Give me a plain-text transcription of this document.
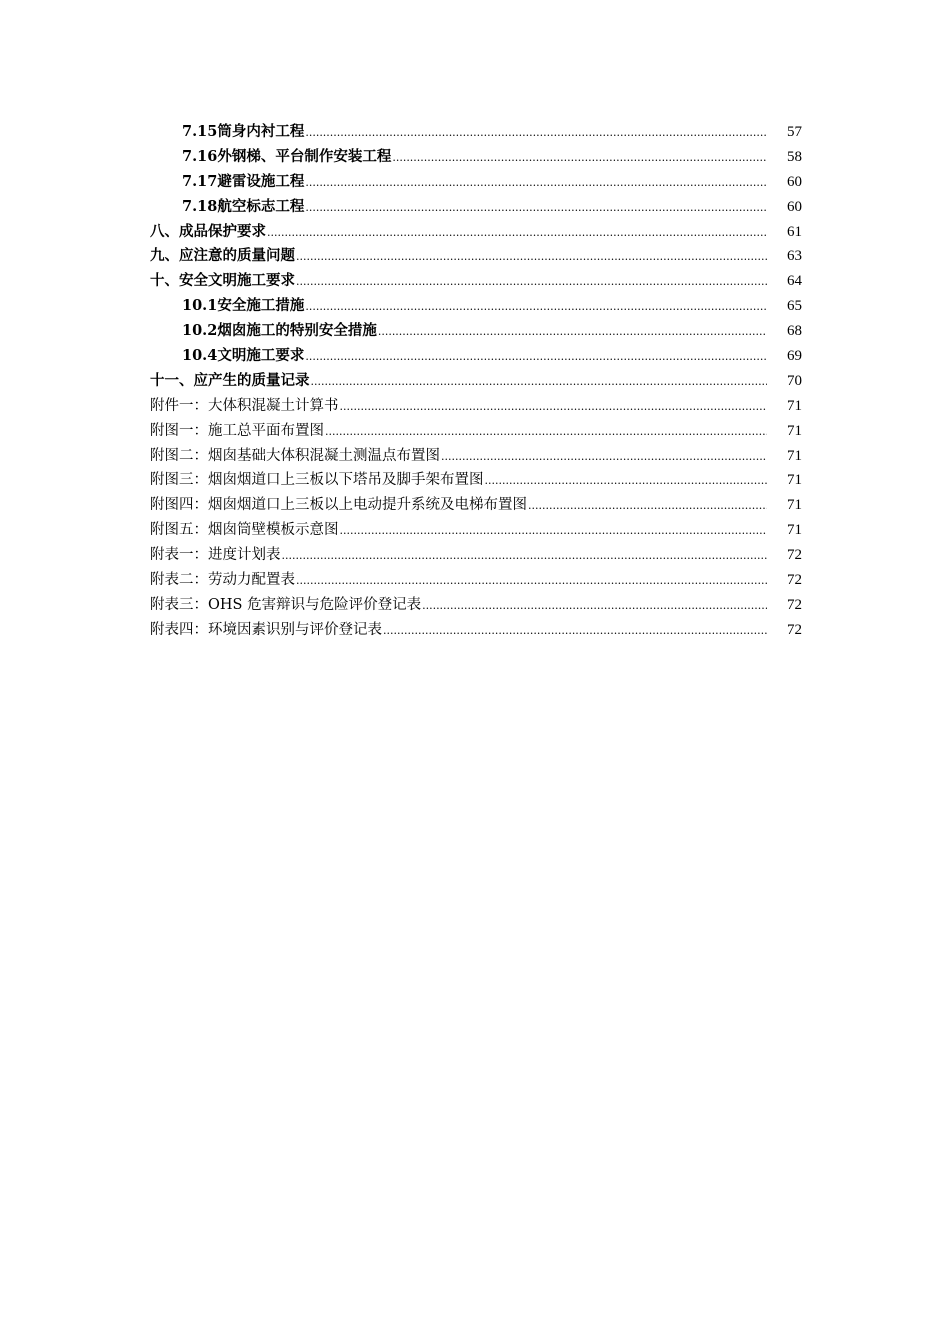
7.15筒身内衬工程 .....	57
7.16外钢梯、平台制作安装工程 .....	58
7.17避雷设施工程 .....	60
7.18航空标志工程 .....	60
八、成品保护要求 .....	61
九、应注意的质量问题 .....	63
十、安全文明施工要求 .....	64
10.1安全施工措施 .....	65
10.2烟囱施工的特别安全措施 .....	68
10.4文明施工要求 .....	69
十一、应产生的质量记录 .....	70
附件一：大体积混凝土计算书 .....	71
附图一：施工总平面布置图 .....	71
附图二：烟囱基础大体积混凝土测温点布置图 .....	71
附图三：烟囱烟道口上三板以下塔吊及脚手架布置图 .....	71
附图四：烟囱烟道口上三板以上电动提升系统及电梯布置图 .....	71
附图五：烟囱筒壁模板示意图 .....	71
附表一：进度计划表 .....	72
附表二：劳动力配置表 .....	72
附表三：OHS 危害辩识与危险评价登记表 .....	72
附表四：环境因素识别与评价登记表 .....	72
